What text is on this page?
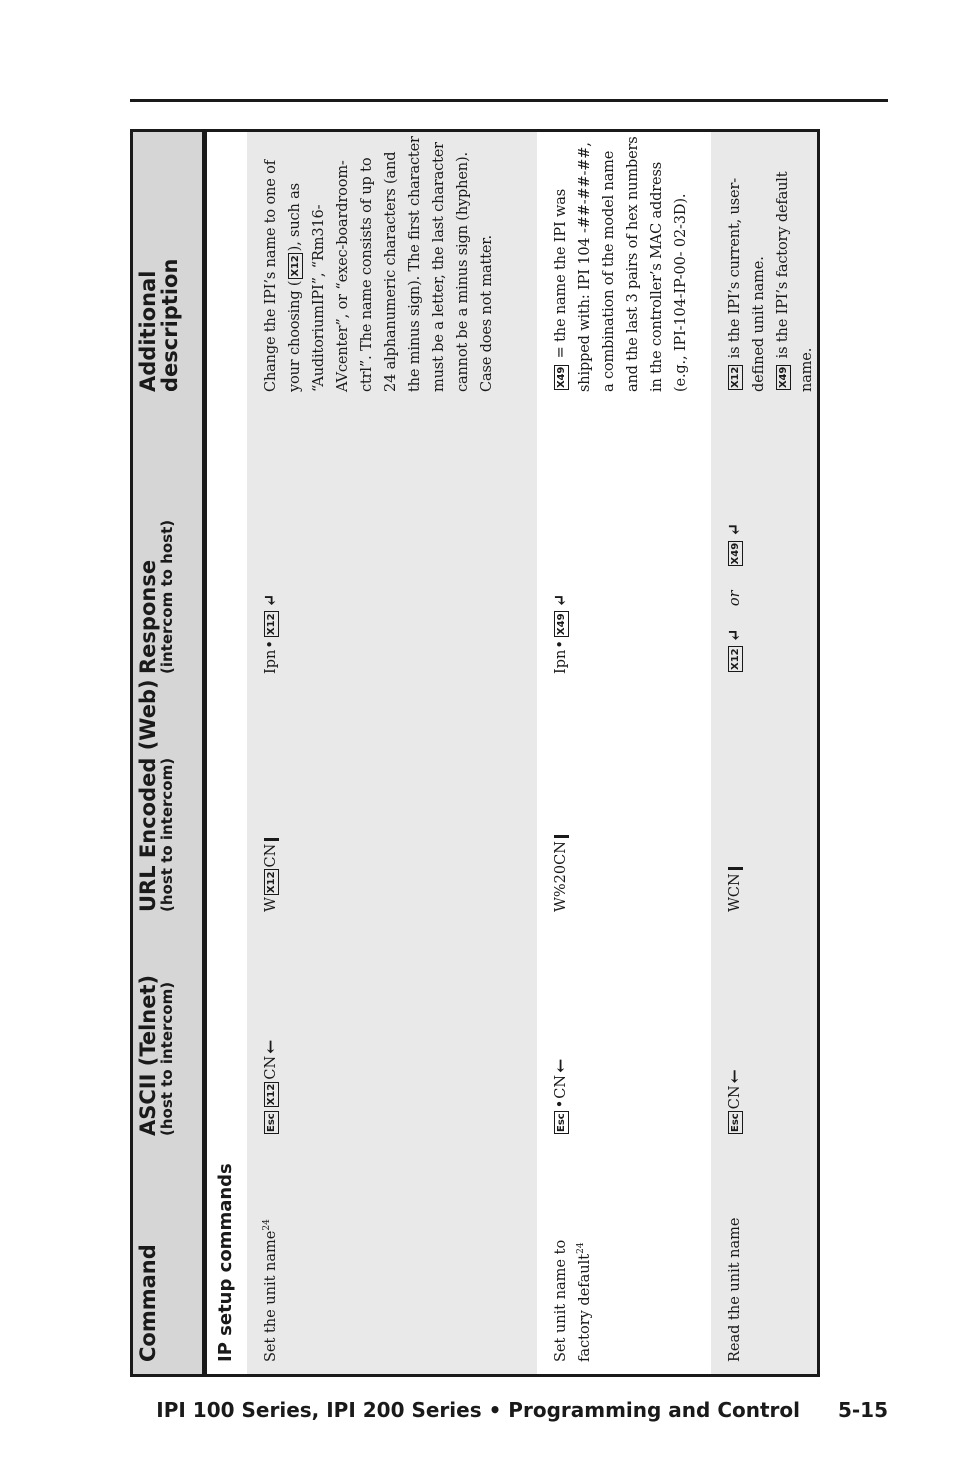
Command
ASCII (Telnet)
(host to intercom)
URL Encoded (Web)
(host to intercom)
Response
(intercom to host)
Additional
description
IP setup commands Set the unit name$^{24}$
EscX12CN←
WX12CN
Ipn•X12↵
Change the IPI’s name to one of your choosing (X12), such as “AuditoriumIPI”, “Rm316-AVcenter”, or “exec-boardroom-ctrl”. The name consists of up to 24 alphanumeric characters (and the minus sign). The first character must be a letter, the last character cannot be a minus sign (hyphen). Case does not matter.
Set unit name to factory default$^{24}$
Esc•CN←
W%20CN
Ipn•X49↵
X49 = the name the IPI was shipped with: IPI 104 -##-##-##, a combination of the model name and the last 3 pairs of hex numbers in the controller’s MAC address (e.g., IPI-104-IP-00- 02-3D).
Read the unit name
EscCN←
WCN
X12↵orX49↵
X12 is the IPI’s current, user-defined unit name.	X49 is the IPI’s factory default name.
IPI 100 Series, IPI 200 Series • Programming and Control 5-15
